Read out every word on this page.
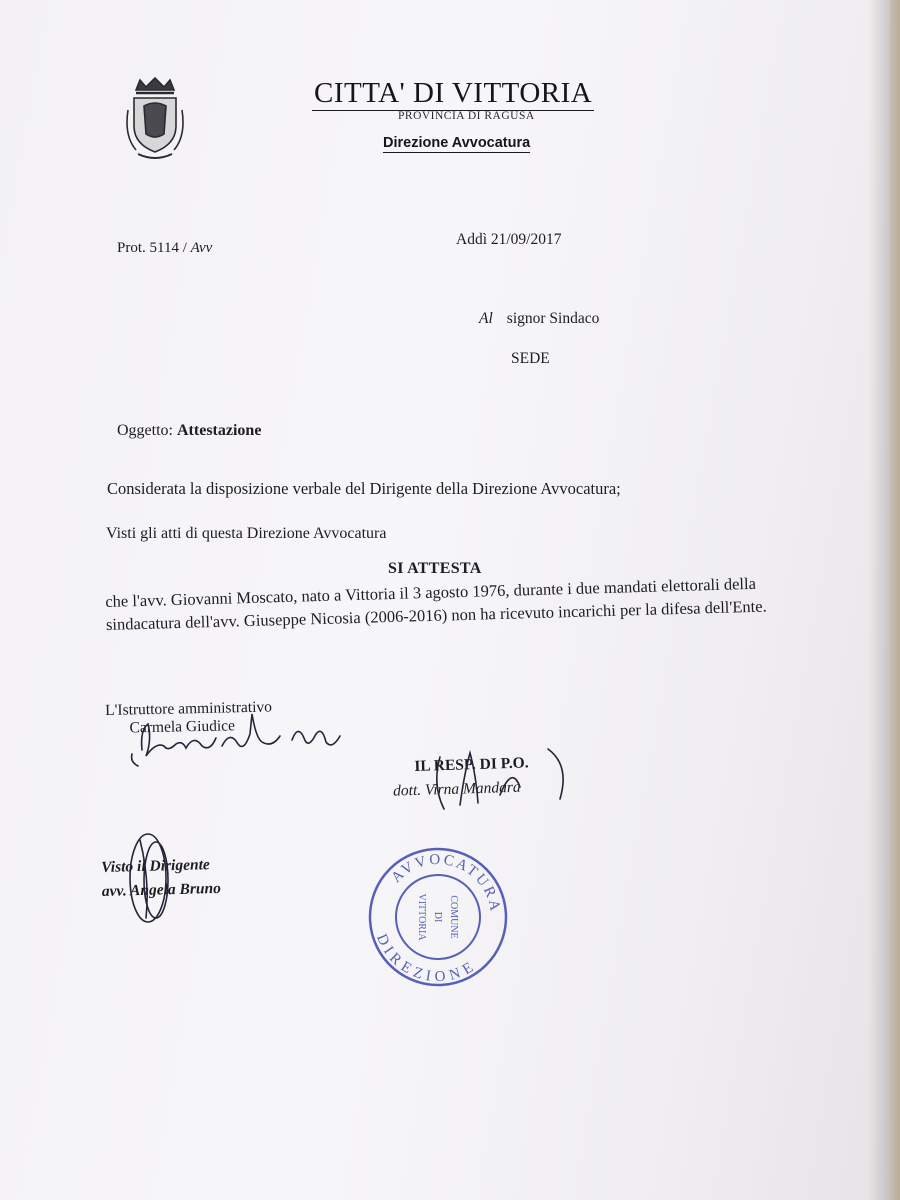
CITTA' DI VITTORIA
PROVINCIA DI RAGUSA
Direzione Avvocatura
Prot. 5114 / Avv	Addì 21/09/2017
Al signor Sindaco
SEDE
Oggetto: Attestazione
Considerata la disposizione verbale del Dirigente della Direzione Avvocatura;
Visti gli atti di questa Direzione Avvocatura
SI ATTESTA
che l'avv. Giovanni Moscato, nato a Vittoria il 3 agosto 1976, durante i due mandati elettorali della sindacatura dell'avv. Giuseppe Nicosia (2006-2016) non ha ricevuto incarichi per la difesa dell'Ente.
L'Istruttore amministrativo
Carmela Giudice
IL RESP. DI P.O.
dott. Virna Mandarà
Visto il Dirigente
avv. Angela Bruno
AVVOCATURA
DIREZIONE
COMUNE
DI
VITTORIA
